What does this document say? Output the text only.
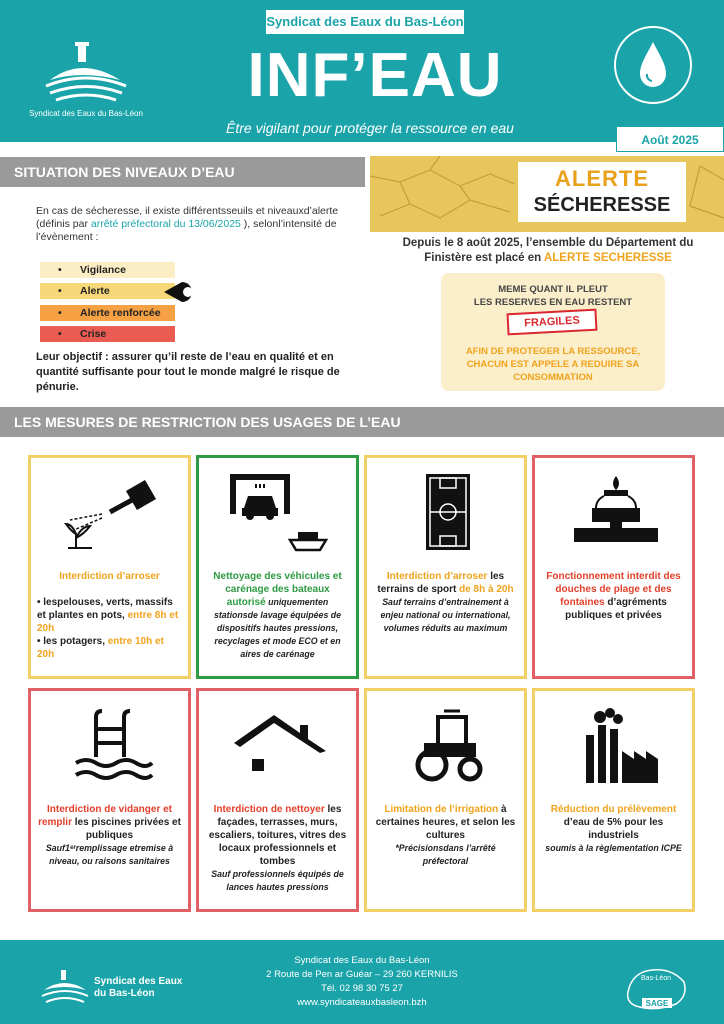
Syndicat des Eaux du Bas-Léon
INF’EAU
Être vigilant pour protéger la ressource en eau
Syndicat des Eaux du Bas-Léon
Août 2025
SITUATION DES NIVEAUX D’EAU
En cas de sécheresse, il existe différentsseuils et niveauxd’alerte (définis par arrêté préfectoral du 13/06/2025 ), selonl’intensité de l’évènement :
• Vigilance
• Alerte
• Alerte renforcée
• Crise
Leur objectif : assurer qu’il reste de l’eau en qualité et en quantité suffisante pour tout le monde malgré le risque de pénurie.
ALERTE
SÉCHERESSE
Depuis le 8 août 2025, l’ensemble du Département du Finistère est placé en ALERTE SECHERESSE
MEME QUANT IL PLEUT
LES RESERVES EN EAU RESTENT
FRAGILES
AFIN DE PROTEGER LA RESSOURCE,
CHACUN EST APPELE A REDUIRE SA
CONSOMMATION
LES MESURES DE RESTRICTION DES USAGES DE L’EAU
Interdiction d’arroser

• lespelouses, verts, massifs et plantes en pots, entre 8h et 20h
• les potagers, entre 10h et 20h
Nettoyage des véhicules et carénage des bateaux autorisé uniquementen stationsde lavage équipées de dispositifs hautes pressions, recyclages et mode ECO et en aires de carénage
Interdiction d’arroser les terrains de sport de 8h à 20h
Sauf terrains d’entrainement à enjeu national ou international, volumes réduits au maximum
Fonctionnement interdit des douches de plage et des fontaines d’agréments publiques et privées
Interdiction de vidanger et remplir les piscines privées et publiques
Sauf1ᵉʳremplissage etremise à niveau, ou raisons sanitaires
Interdiction de nettoyer les façades, terrasses, murs, escaliers, toitures, vitres des locaux professionnels et tombes
Sauf professionnels équipés de lances hautes pressions
Limitation de l’irrigation à certaines heures, et selon les cultures
*Précisionsdans l’arrêté préfectoral
Réduction du prélèvement d’eau de 5% pour les industriels
soumis à la règlementation ICPE
Syndicat des Eaux
du Bas-Léon
Syndicat des Eaux du Bas-Léon
2 Route de Pen ar Guéar – 29 260 KERNILIS
Tél. 02 98 30 75 27
www.syndicateauxbasleon.bzh
Bas-Léon
SAGE
